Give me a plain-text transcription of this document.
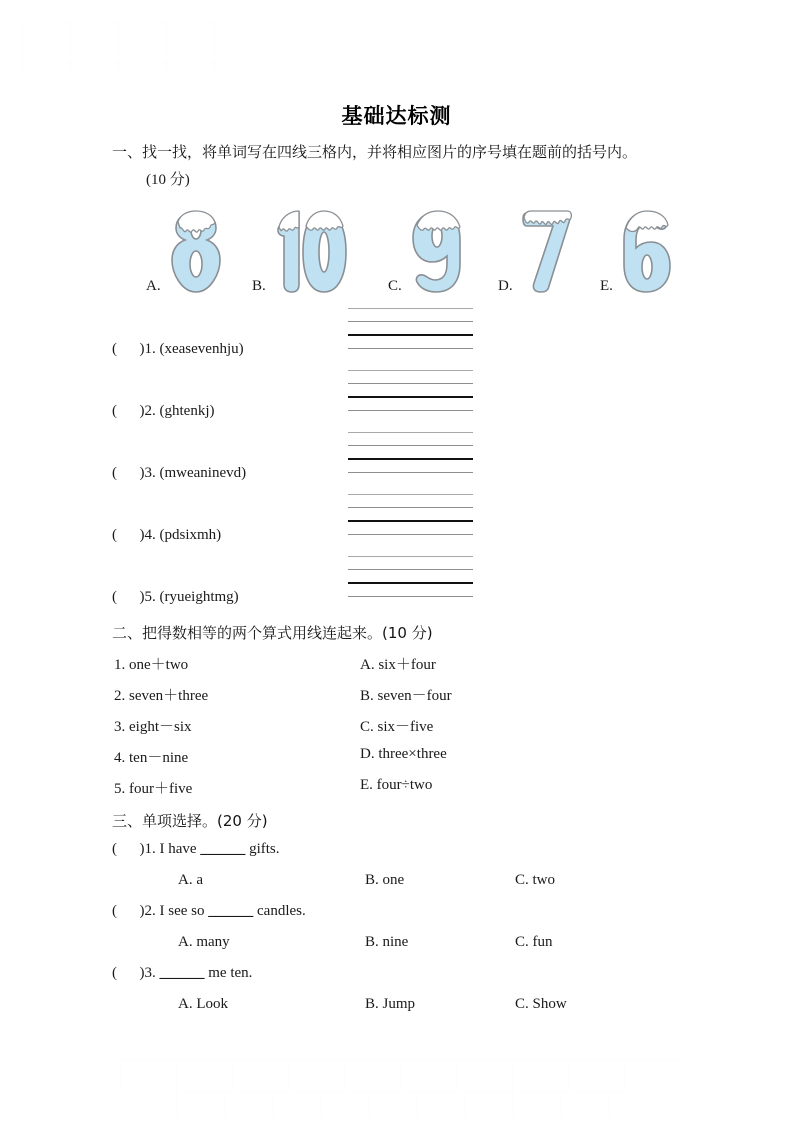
基础达标测
一、找一找，将单词写在四线三格内，并将相应图片的序号填在题前的括号内。
(10 分)
A.	B.	C.	D.	E.
(      )1. (xeasevenhju)
(      )2. (ghtenkj)
(      )3. (mweaninevd)
(      )4. (pdsixmh)
(      )5. (ryueightmg)
二、把得数相等的两个算式用线连起来。(10 分)
1. one＋two
2. seven＋three
3. eight－six
4. ten－nine
5. four＋five
A. six＋four
B. seven－four
C. six－five
D. three×three
E. four÷two
三、单项选择。(20 分)
(      )1. I have ______ gifts.
A. a	B. one	C. two
(      )2. I see so ______ candles.
A. many	B. nine	C. fun
(      )3. ______ me ten.
A. Look	B. Jump	C. Show
